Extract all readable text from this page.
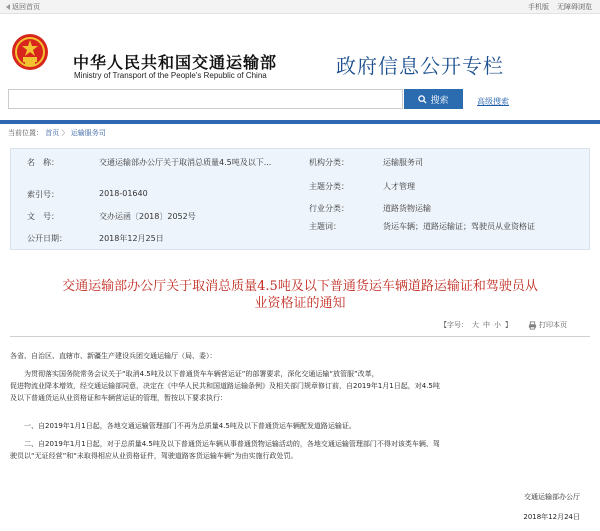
返回首页	手机版 无障碍浏览
中华人民共和国交通运输部
Ministry of Transport of the People's Republic of China	政府信息公开专栏
搜索	高级搜索
当前位置： 首页 〉 运输服务司
名　称：	交通运输部办公厅关于取消总质量4.5吨及以下...
索引号：	2018-01640
文　号：	交办运函〔2018〕2052号
公开日期：	2018年12月25日
机构分类：	运输服务司
主题分类：	人才管理
行业分类：	道路货物运输
主题词：	货运车辆；道路运输证；驾驶员从业资格证
交通运输部办公厅关于取消总质量4.5吨及以下普通货运车辆道路运输证和驾驶员从
业资格证的通知
【字号： 大 中 小 】	打印本页
各省、自治区、直辖市、新疆生产建设兵团交通运输厅（局、委）：
　　为贯彻落实国务院常务会议关于“取消4.5吨及以下普通货车车辆营运证”的部署要求，深化交通运输“放管服”改革，
促进物流业降本增效，经交通运输部同意，决定在《中华人民共和国道路运输条例》及相关部门规章修订前，自2019年1月1日起，对4.5吨
及以下普通货运从业资格证和车辆营运证的管理，暂按以下要求执行：
　　一、自2019年1月1日起，各地交通运输管理部门不再为总质量4.5吨及以下普通货运车辆配发道路运输证。
　　二、自2019年1月1日起，对于总质量4.5吨及以下普通货运车辆从事普通货物运输活动的，各地交通运输管理部门不得对该类车辆、驾
驶员以“无证经营”和“未取得相应从业资格证件，驾驶道路客货运输车辆”为由实施行政处罚。
交通运输部办公厅
2018年12月24日
